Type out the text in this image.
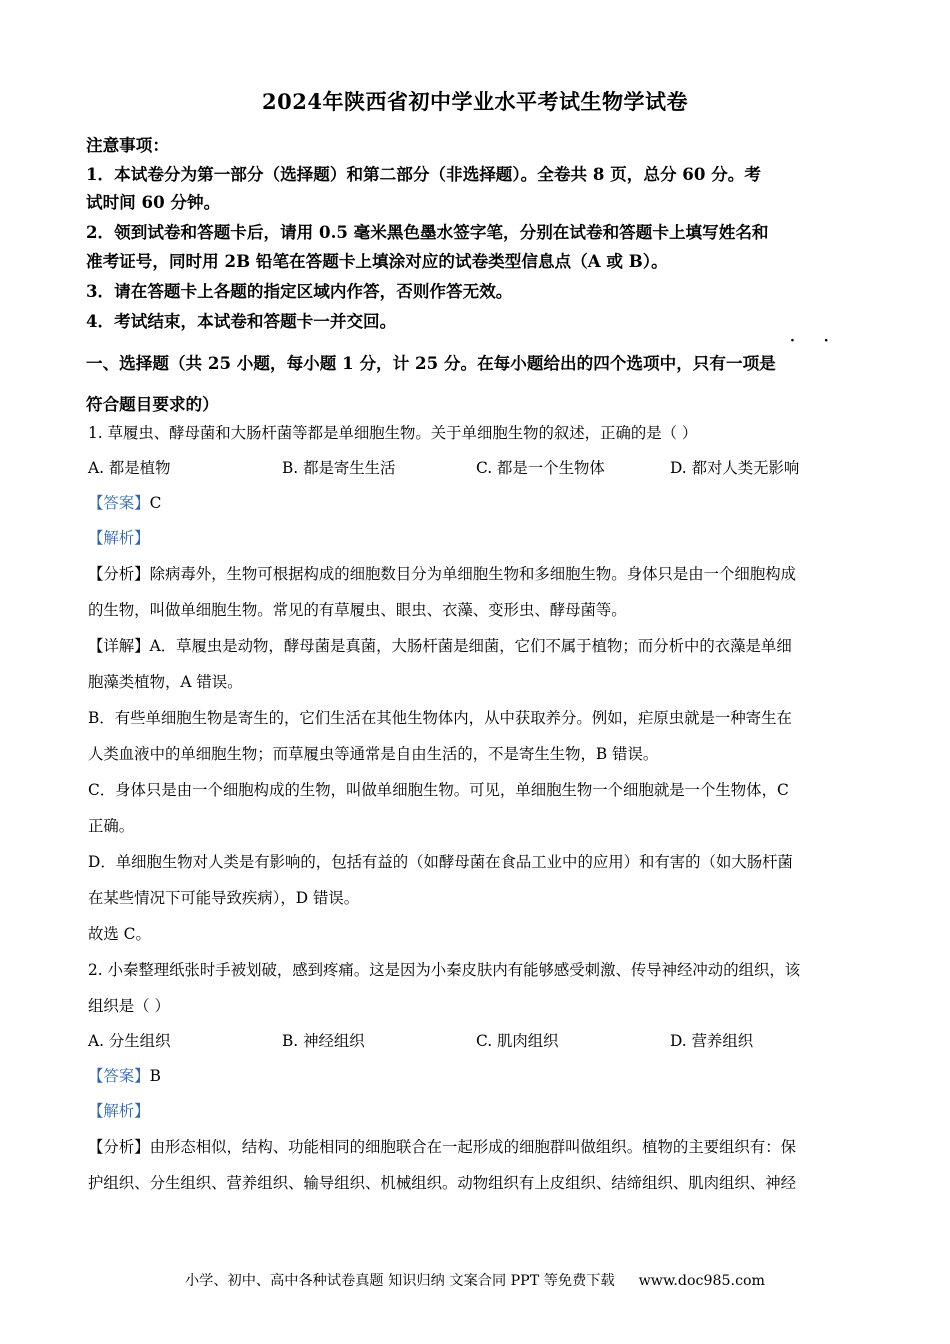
2024年陕西省初中学业水平考试生物学试卷
注意事项：
1．本试卷分为第一部分（选择题）和第二部分（非选择题）。全卷共 8 页，总分 60 分。考
试时间 60 分钟。
2．领到试卷和答题卡后，请用 0.5 毫米黑色墨水签字笔，分别在试卷和答题卡上填写姓名和
准考证号，同时用 2B 铅笔在答题卡上填涂对应的试卷类型信息点（A 或 B）。
3．请在答题卡上各题的指定区域内作答，否则作答无效。
4．考试结束，本试卷和答题卡一并交回。
· ·
一、选择题（共 25 小题，每小题 1 分，计 25 分。在每小题给出的四个选项中，只有一项是
符合题目要求的）
1. 草履虫、酵母菌和大肠杆菌等都是单细胞生物。关于单细胞生物的叙述，正确的是（ ）
A. 都是植物	B. 都是寄生生活	C. 都是一个生物体	D. 都对人类无影响
【答案】C
【解析】
【分析】除病毒外，生物可根据构成的细胞数目分为单细胞生物和多细胞生物。身体只是由一个细胞构成
的生物，叫做单细胞生物。常见的有草履虫、眼虫、衣藻、变形虫、酵母菌等。
【详解】A．草履虫是动物，酵母菌是真菌，大肠杆菌是细菌，它们不属于植物；而分析中的衣藻是单细
胞藻类植物，A 错误。
B．有些单细胞生物是寄生的，它们生活在其他生物体内，从中获取养分。例如，疟原虫就是一种寄生在
人类血液中的单细胞生物；而草履虫等通常是自由生活的，不是寄生生物，B 错误。
C．身体只是由一个细胞构成的生物，叫做单细胞生物。可见，单细胞生物一个细胞就是一个生物体，C
正确。
D．单细胞生物对人类是有影响的，包括有益的（如酵母菌在食品工业中的应用）和有害的（如大肠杆菌
在某些情况下可能导致疾病），D 错误。
故选 C。
2. 小秦整理纸张时手被划破，感到疼痛。这是因为小秦皮肤内有能够感受刺激、传导神经冲动的组织，该
组织是（ ）
A. 分生组织	B. 神经组织	C. 肌肉组织	D. 营养组织
【答案】B
【解析】
【分析】由形态相似，结构、功能相同的细胞联合在一起形成的细胞群叫做组织。植物的主要组织有：保
护组织、分生组织、营养组织、输导组织、机械组织。动物组织有上皮组织、结缔组织、肌肉组织、神经
小学、初中、高中各种试卷真题 知识归纳 文案合同 PPT 等免费下载 www.doc985.com
